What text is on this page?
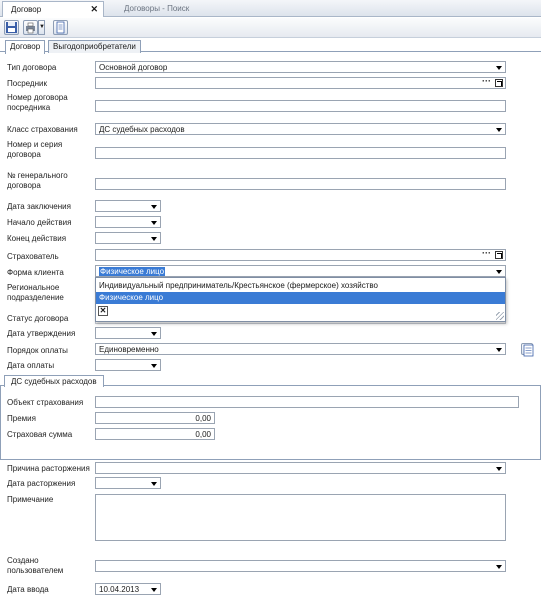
Договор	✕	Договоры - Поиск
▼
Договор	Выгодоприобретатели
Тип договора	Основной договор
Посредник	···
Номер договора посредника
Класс страхования	ДС судебных расходов
Номер и серия договора
№ генерального договора
Дата заключения
Начало действия
Конец действия
Страхователь	···
Форма клиента	Физическое лицо
Региональное подразделение
Статус договора
Дата утверждения
Порядок оплаты	Единовременно
Дата оплаты
Индивидуальный предприниматель/Крестьянское (фермерское) хозяйство
Физическое лицо
✕
ДС судебных расходов
Объект страхования
Премия	0,00
Страховая сумма	0,00
Причина расторжения
Дата расторжения
Примечание
Создано пользователем
Дата ввода	10.04.2013
